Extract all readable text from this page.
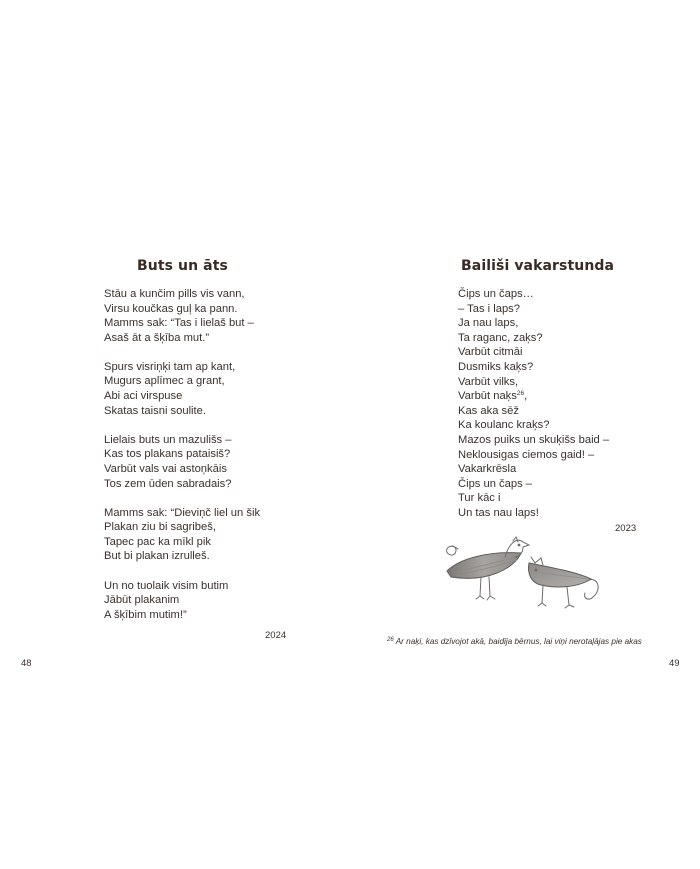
Buts un āts
Stāu a kunčim pills vis vann,
Virsu koučkas guļ ka pann.
Mamms sak: “Tas i lielaš but –
Asaš āt a šķība mut.”
Spurs visriņķi tam ap kant,
Mugurs aplīmec a grant,
Abi aci virspuse
Skatas taisni soulite.
Lielais buts un mazulišs –
Kas tos plakans pataisiš?
Varbūt vals vai astoņkāis
Tos zem ūden sabradais?
Mamms sak: “Dieviņč liel un šik
Plakan ziu bi sagribeš,
Tapec pac ka mīkl pik
But bi plakan izrulleš.
Un no tuolaik visim butim
Jābūt plakanim
A šķībim mutim!”
2024
48
Bailiši vakarstunda
Čips un čaps…
– Tas i laps?
Ja nau laps,
Ta raganc, zaķs?
Varbūt citmāi
Dusmiks kaķs?
Varbūt vilks,
Varbūt naķs$^{26}$,
Kas aka sēž
Ka koulanc kraķs?
Mazos puiks un skuķišs baid –
Neklousigas ciemos gaid! –
Vakarkrēsla
Čips un čaps –
Tur kāc i
Un tas nau laps!
2023
$^{26}$ Ar naķi, kas dzīvojot akā, baidīja bērnus, lai viņi nerotaļājas pie akas
49
